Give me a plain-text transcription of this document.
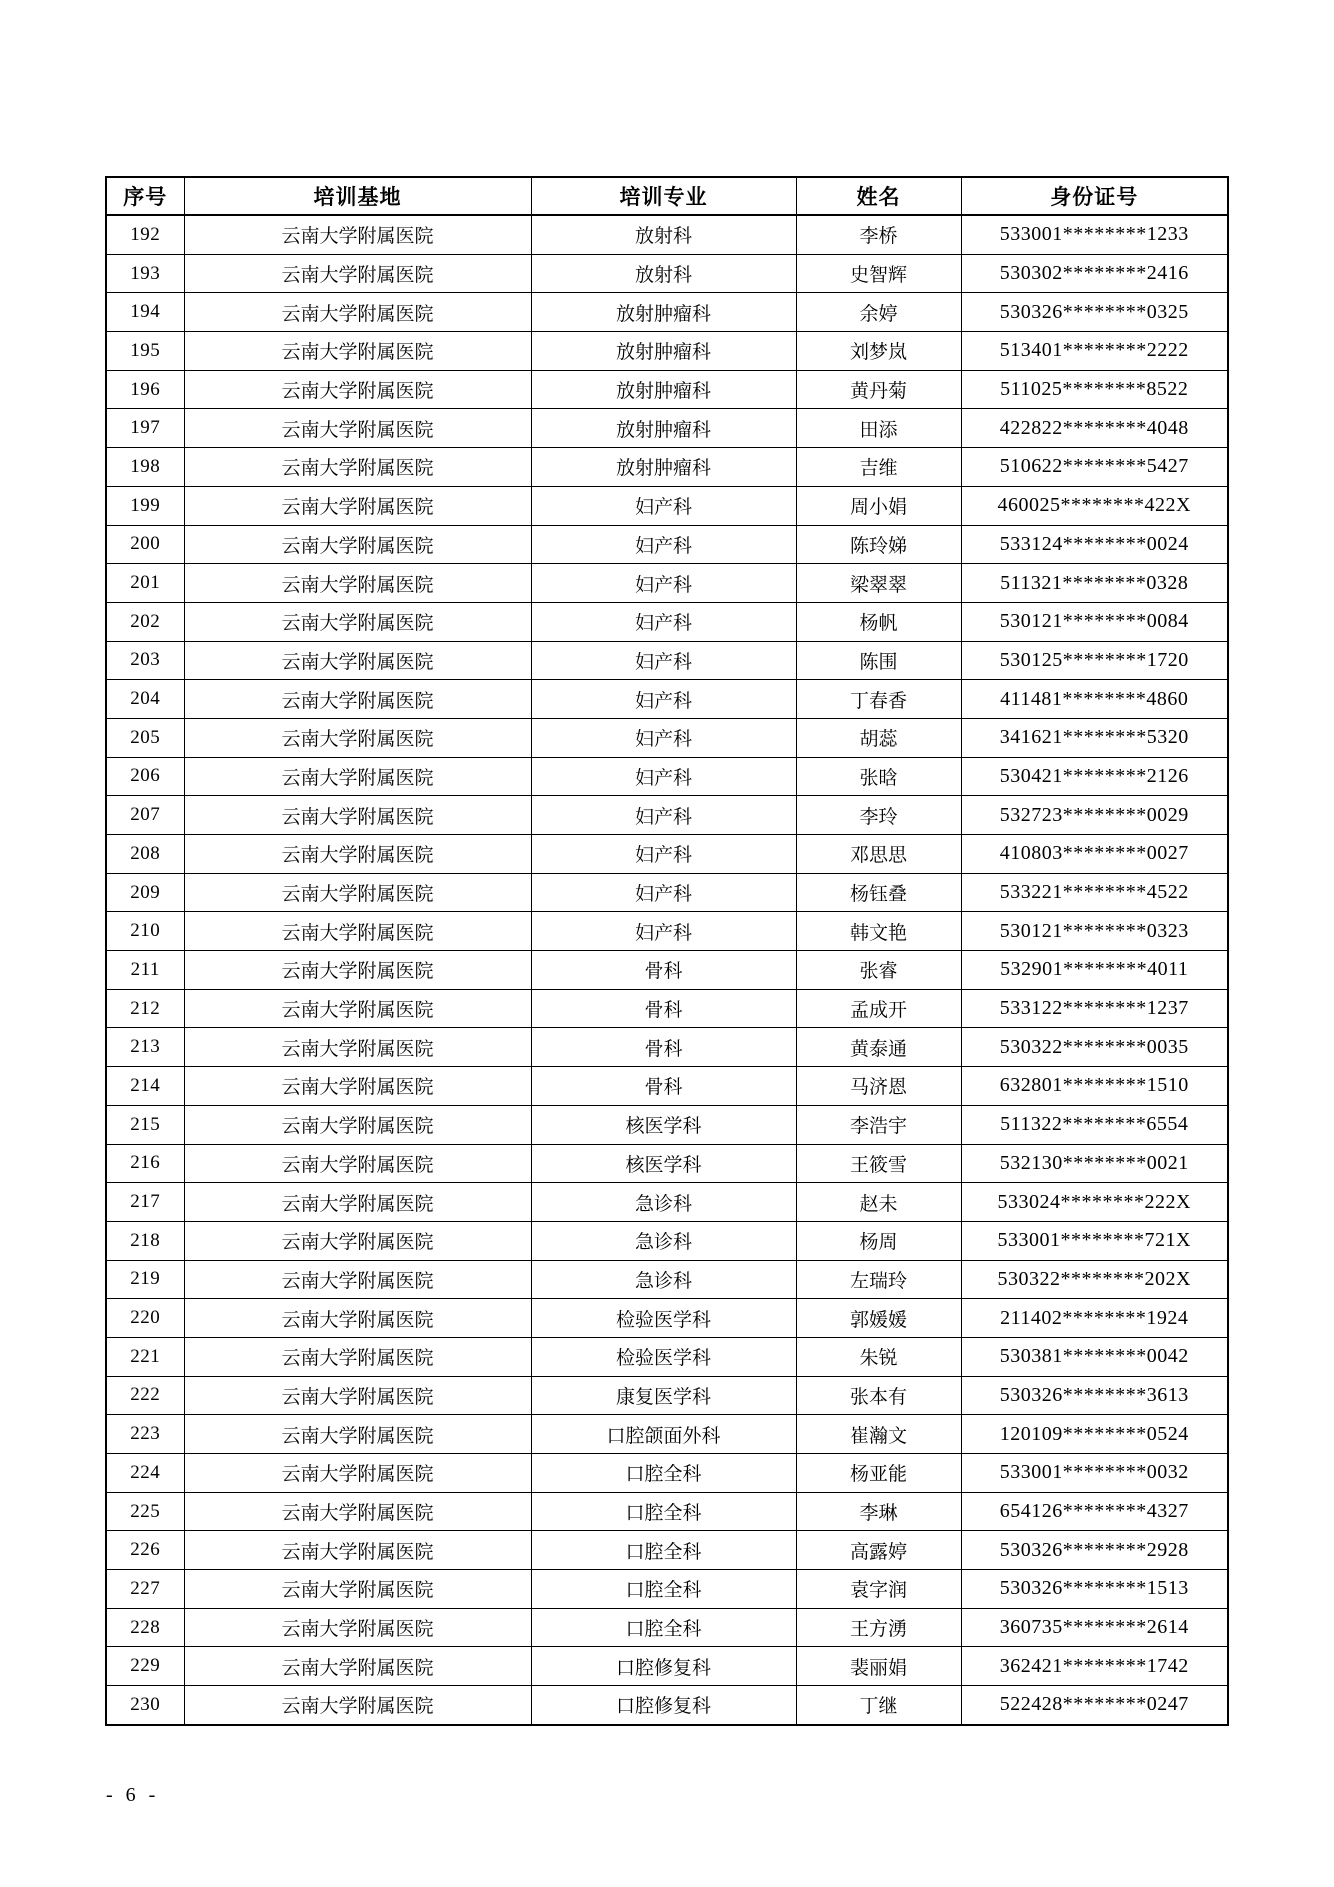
序号	培训基地	培训专业	姓名	身份证号
192	云南大学附属医院	放射科	李桥	533001********1233
193	云南大学附属医院	放射科	史智辉	530302********2416
194	云南大学附属医院	放射肿瘤科	余婷	530326********0325
195	云南大学附属医院	放射肿瘤科	刘梦岚	513401********2222
196	云南大学附属医院	放射肿瘤科	黄丹菊	511025********8522
197	云南大学附属医院	放射肿瘤科	田添	422822********4048
198	云南大学附属医院	放射肿瘤科	吉维	510622********5427
199	云南大学附属医院	妇产科	周小娟	460025********422X
200	云南大学附属医院	妇产科	陈玲娣	533124********0024
201	云南大学附属医院	妇产科	梁翠翠	511321********0328
202	云南大学附属医院	妇产科	杨帆	530121********0084
203	云南大学附属医院	妇产科	陈围	530125********1720
204	云南大学附属医院	妇产科	丁春香	411481********4860
205	云南大学附属医院	妇产科	胡蕊	341621********5320
206	云南大学附属医院	妇产科	张晗	530421********2126
207	云南大学附属医院	妇产科	李玲	532723********0029
208	云南大学附属医院	妇产科	邓思思	410803********0027
209	云南大学附属医院	妇产科	杨钰叠	533221********4522
210	云南大学附属医院	妇产科	韩文艳	530121********0323
211	云南大学附属医院	骨科	张睿	532901********4011
212	云南大学附属医院	骨科	孟成开	533122********1237
213	云南大学附属医院	骨科	黄泰通	530322********0035
214	云南大学附属医院	骨科	马济恩	632801********1510
215	云南大学附属医院	核医学科	李浩宇	511322********6554
216	云南大学附属医院	核医学科	王筱雪	532130********0021
217	云南大学附属医院	急诊科	赵未	533024********222X
218	云南大学附属医院	急诊科	杨周	533001********721X
219	云南大学附属医院	急诊科	左瑞玲	530322********202X
220	云南大学附属医院	检验医学科	郭媛媛	211402********1924
221	云南大学附属医院	检验医学科	朱锐	530381********0042
222	云南大学附属医院	康复医学科	张本有	530326********3613
223	云南大学附属医院	口腔颌面外科	崔瀚文	120109********0524
224	云南大学附属医院	口腔全科	杨亚能	533001********0032
225	云南大学附属医院	口腔全科	李琳	654126********4327
226	云南大学附属医院	口腔全科	高露婷	530326********2928
227	云南大学附属医院	口腔全科	袁字润	530326********1513
228	云南大学附属医院	口腔全科	王方湧	360735********2614
229	云南大学附属医院	口腔修复科	裴丽娟	362421********1742
230	云南大学附属医院	口腔修复科	丁继	522428********0247
- 6 -
